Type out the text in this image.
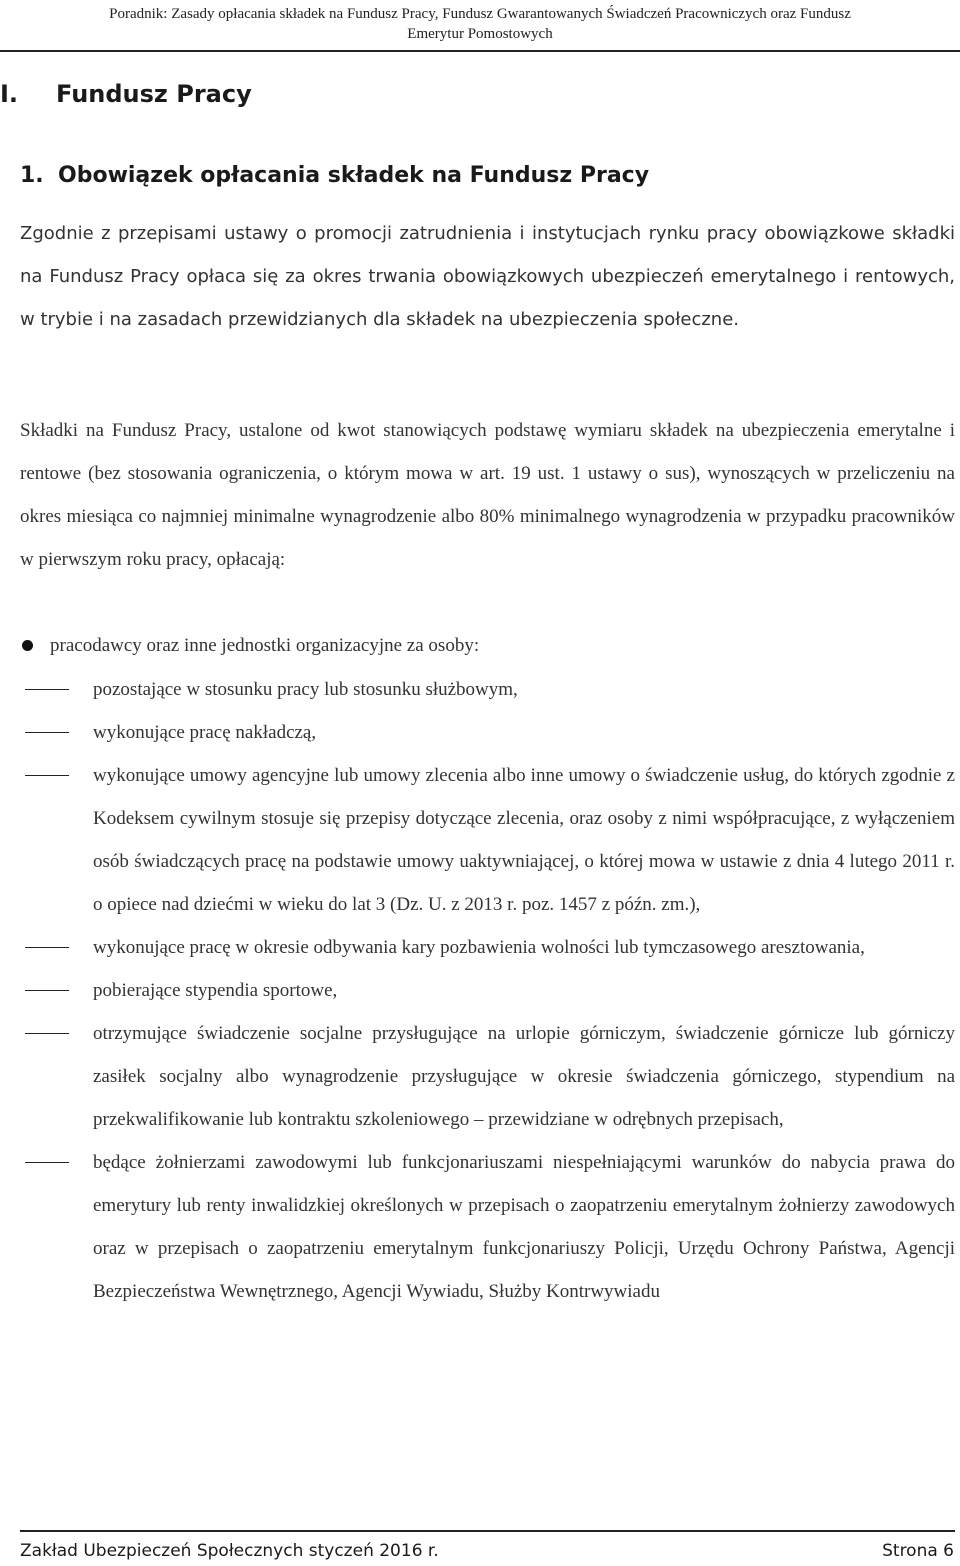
Poradnik: Zasady opłacania składek na Fundusz Pracy, Fundusz Gwarantowanych Świadczeń Pracowniczych oraz Fundusz
Emerytur Pomostowych
I. Fundusz Pracy
1. Obowiązek opłacania składek na Fundusz Pracy

Zgodnie z przepisami ustawy o promocji zatrudnienia i instytucjach rynku pracy obowiązkowe składki na Fundusz Pracy opłaca się za okres trwania obowiązkowych ubezpieczeń emerytalnego i rentowych, w trybie i na zasadach przewidzianych dla składek na ubezpieczenia społeczne.

Składki na Fundusz Pracy, ustalone od kwot stanowiących podstawę wymiaru składek na ubezpieczenia emerytalne i rentowe (bez stosowania ograniczenia, o którym mowa w art. 19 ust. 1 ustawy o sus), wynoszących w przeliczeniu na okres miesiąca co najmniej minimalne wynagrodzenie albo 80% minimalnego wynagrodzenia w przypadku pracowników w pierwszym roku pracy, opłacają:

pracodawcy oraz inne jednostki organizacyjne za osoby:
pozostające w stosunku pracy lub stosunku służbowym,
wykonujące pracę nakładczą,
wykonujące umowy agencyjne lub umowy zlecenia albo inne umowy o świadczenie usług, do których zgodnie z Kodeksem cywilnym stosuje się przepisy dotyczące zlecenia, oraz osoby z nimi współpracujące, z wyłączeniem osób świadczących pracę na podstawie umowy uaktywniającej, o której mowa w ustawie z dnia 4 lutego 2011 r. o opiece nad dziećmi w wieku do lat 3 (Dz. U. z 2013 r. poz. 1457 z późn. zm.),
wykonujące pracę w okresie odbywania kary pozbawienia wolności lub tymczasowego aresztowania,
pobierające stypendia sportowe,
otrzymujące świadczenie socjalne przysługujące na urlopie górniczym, świadczenie górnicze lub górniczy zasiłek socjalny albo wynagrodzenie przysługujące w okresie świadczenia górniczego, stypendium na przekwalifikowanie lub kontraktu szkoleniowego – przewidziane w odrębnych przepisach,
będące żołnierzami zawodowymi lub funkcjonariuszami niespełniającymi warunków do nabycia prawa do emerytury lub renty inwalidzkiej określonych w przepisach o zaopatrzeniu emerytalnym żołnierzy zawodowych oraz w przepisach o zaopatrzeniu emerytalnym funkcjonariuszy Policji, Urzędu Ochrony Państwa, Agencji Bezpieczeństwa Wewnętrznego, Agencji Wywiadu, Służby Kontrwywiadu
Zakład Ubezpieczeń Społecznych styczeń 2016 r.	Strona 6
